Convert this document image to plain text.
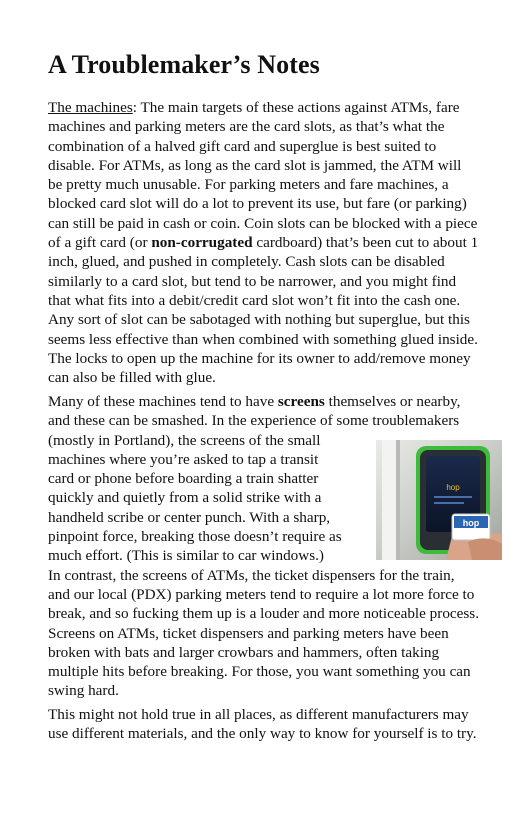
A Troublemaker’s Notes
The machines: The main targets of these actions against ATMs, fare
machines and parking meters are the card slots, as that’s what the
combination of a halved gift card and superglue is best suited to
disable. For ATMs, as long as the card slot is jammed, the ATM will
be pretty much unusable. For parking meters and fare machines, a
blocked card slot will do a lot to prevent its use, but fare (or parking)
can still be paid in cash or coin. Coin slots can be blocked with a piece
of a gift card (or non-corrugated cardboard) that’s been cut to about 1
inch, glued, and pushed in completely. Cash slots can be disabled
similarly to a card slot, but tend to be narrower, and you might find
that what fits into a debit/credit card slot won’t fit into the cash one.
Any sort of slot can be sabotaged with nothing but superglue, but this
seems less effective than when combined with something glued inside.
The locks to open up the machine for its owner to add/remove money
can also be filled with glue.
Many of these machines tend to have screens themselves or nearby,
and these can be smashed. In the experience of some troublemakers
(mostly in Portland), the screens of the small
machines where you’re asked to tap a transit
card or phone before boarding a train shatter
quickly and quietly from a solid strike with a
handheld scribe or center punch. With a sharp,
pinpoint force, breaking those doesn’t require as
much effort. (This is similar to car windows.)
In contrast, the screens of ATMs, the ticket dispensers for the train,
and our local (PDX) parking meters tend to require a lot more force to
break, and so fucking them up is a louder and more noticeable process.
Screens on ATMs, ticket dispensers and parking meters have been
broken with bats and larger crowbars and hammers, often taking
multiple hits before breaking. For those, you want something you can
swing hard.
This might not hold true in all places, as different manufacturers may
use different materials, and the only way to know for yourself is to try.
hop
hop
